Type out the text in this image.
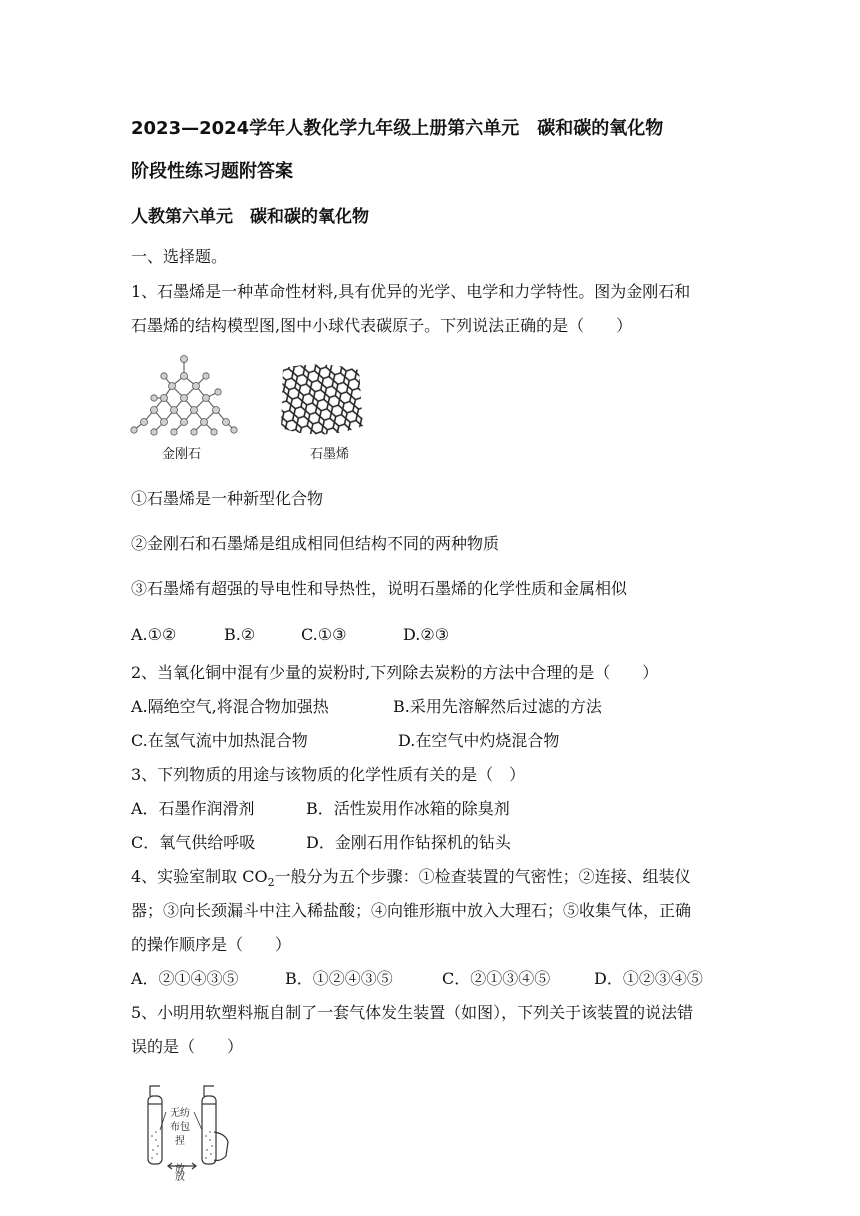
2023—2024学年人教化学九年级上册第六单元　碳和碳的氧化物
阶段性练习题附答案
人教第六单元　碳和碳的氧化物
一、选择题。
1、石墨烯是一种革命性材料,具有优异的光学、电学和力学特性。图为金刚石和
石墨烯的结构模型图,图中小球代表碳原子。下列说法正确的是（　　）
金刚石	石墨烯
①石墨烯是一种新型化合物
②金刚石和石墨烯是组成相同但结构不同的两种物质
③石墨烯有超强的导电性和导热性，说明石墨烯的化学性质和金属相似
A.①②	B.②	C.①③	D.②③
2、当氧化铜中混有少量的炭粉时,下列除去炭粉的方法中合理的是（　　）
A.隔绝空气,将混合物加强热	B.采用先溶解然后过滤的方法
C.在氢气流中加热混合物	D.在空气中灼烧混合物
3、下列物质的用途与该物质的化学性质有关的是（　）
A．石墨作润滑剂	B．活性炭用作冰箱的除臭剂
C．氧气供给呼吸	D．金刚石用作钻探机的钻头
4、实验室制取 $CO_2$一般分为五个步骤：①检查装置的气密性；②连接、组装仪
器；③向长颈漏斗中注入稀盐酸；④向锥形瓶中放入大理石；⑤收集气体，正确
的操作顺序是（　　）
A．②①④③⑤	B．①②④③⑤	C．②①③④⑤	D．①②③④⑤
5、小明用软塑料瓶自制了一套气体发生装置（如图），下列关于该装置的说法错
误的是（　　）
无纺
布包
捏
放
放
